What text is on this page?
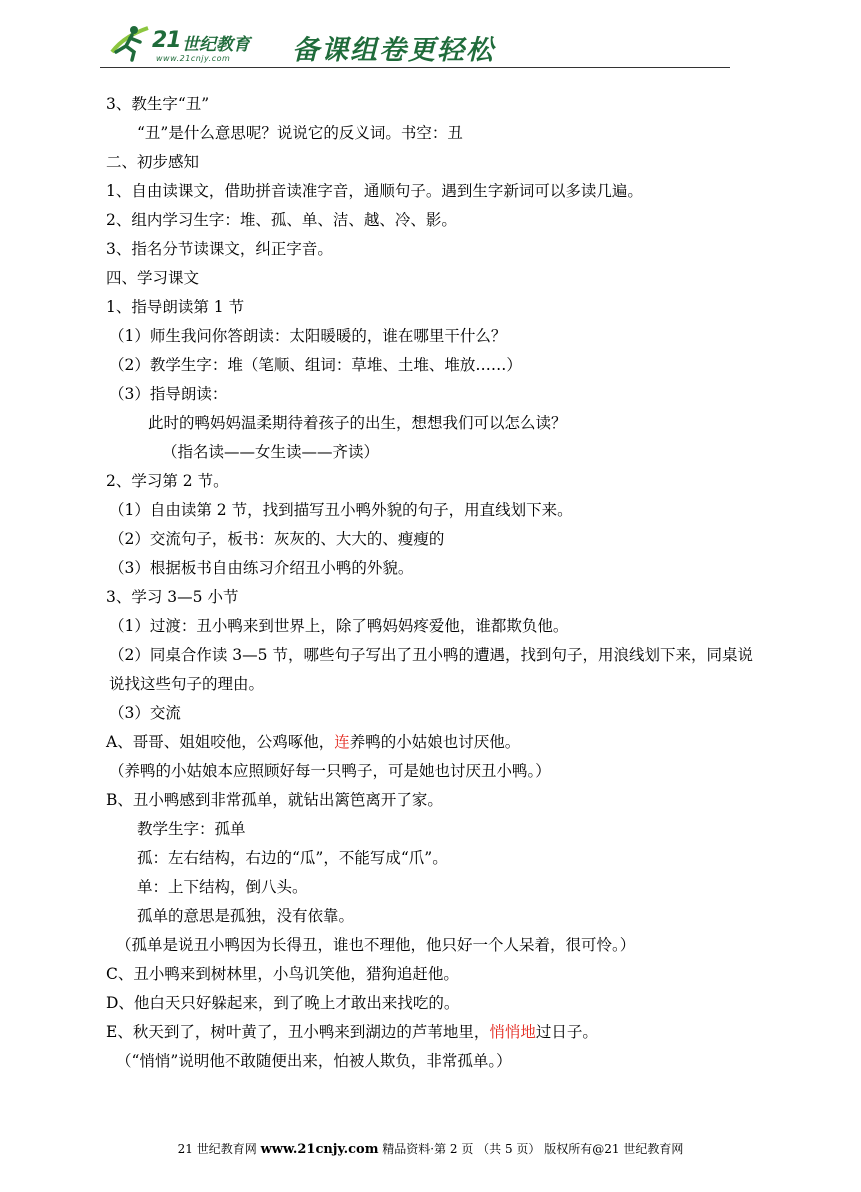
21 世纪教育
www.21cnjy.com 备课组卷更轻松
3、教生字“丑”
“丑”是什么意思呢？说说它的反义词。书空：丑
二、初步感知
1、自由读课文，借助拼音读准字音，通顺句子。遇到生字新词可以多读几遍。
2、组内学习生字：堆、孤、单、洁、越、冷、影。
3、指名分节读课文，纠正字音。
四、学习课文
1、指导朗读第 1 节
（1）师生我问你答朗读：太阳暖暖的，谁在哪里干什么？
（2）教学生字：堆（笔顺、组词：草堆、土堆、堆放……）
（3）指导朗读：
此时的鸭妈妈温柔期待着孩子的出生，想想我们可以怎么读？
（指名读——女生读——齐读）
2、学习第 2 节。
（1）自由读第 2 节，找到描写丑小鸭外貌的句子，用直线划下来。
（2）交流句子，板书：灰灰的、大大的、瘦瘦的
（3）根据板书自由练习介绍丑小鸭的外貌。
3、学习 3—5 小节
（1）过渡：丑小鸭来到世界上，除了鸭妈妈疼爱他，谁都欺负他。
（2）同桌合作读 3—5 节，哪些句子写出了丑小鸭的遭遇，找到句子，用浪线划下来，同桌说说找这些句子的理由。
（3）交流
A、哥哥、姐姐咬他，公鸡啄他，连养鸭的小姑娘也讨厌他。
（养鸭的小姑娘本应照顾好每一只鸭子，可是她也讨厌丑小鸭。）
B、丑小鸭感到非常孤单，就钻出篱笆离开了家。
教学生字：孤单
孤：左右结构，右边的“瓜”，不能写成“爪”。
单：上下结构，倒八头。
孤单的意思是孤独，没有依靠。
（孤单是说丑小鸭因为长得丑，谁也不理他，他只好一个人呆着，很可怜。）
C、丑小鸭来到树林里，小鸟讥笑他，猎狗追赶他。
D、他白天只好躲起来，到了晚上才敢出来找吃的。
E、秋天到了，树叶黄了，丑小鸭来到湖边的芦苇地里，悄悄地过日子。
（“悄悄”说明他不敢随便出来，怕被人欺负，非常孤单。）
21 世纪教育网 www.21cnjy.com 精品资料·第 2 页 （共 5 页） 版权所有@21 世纪教育网
